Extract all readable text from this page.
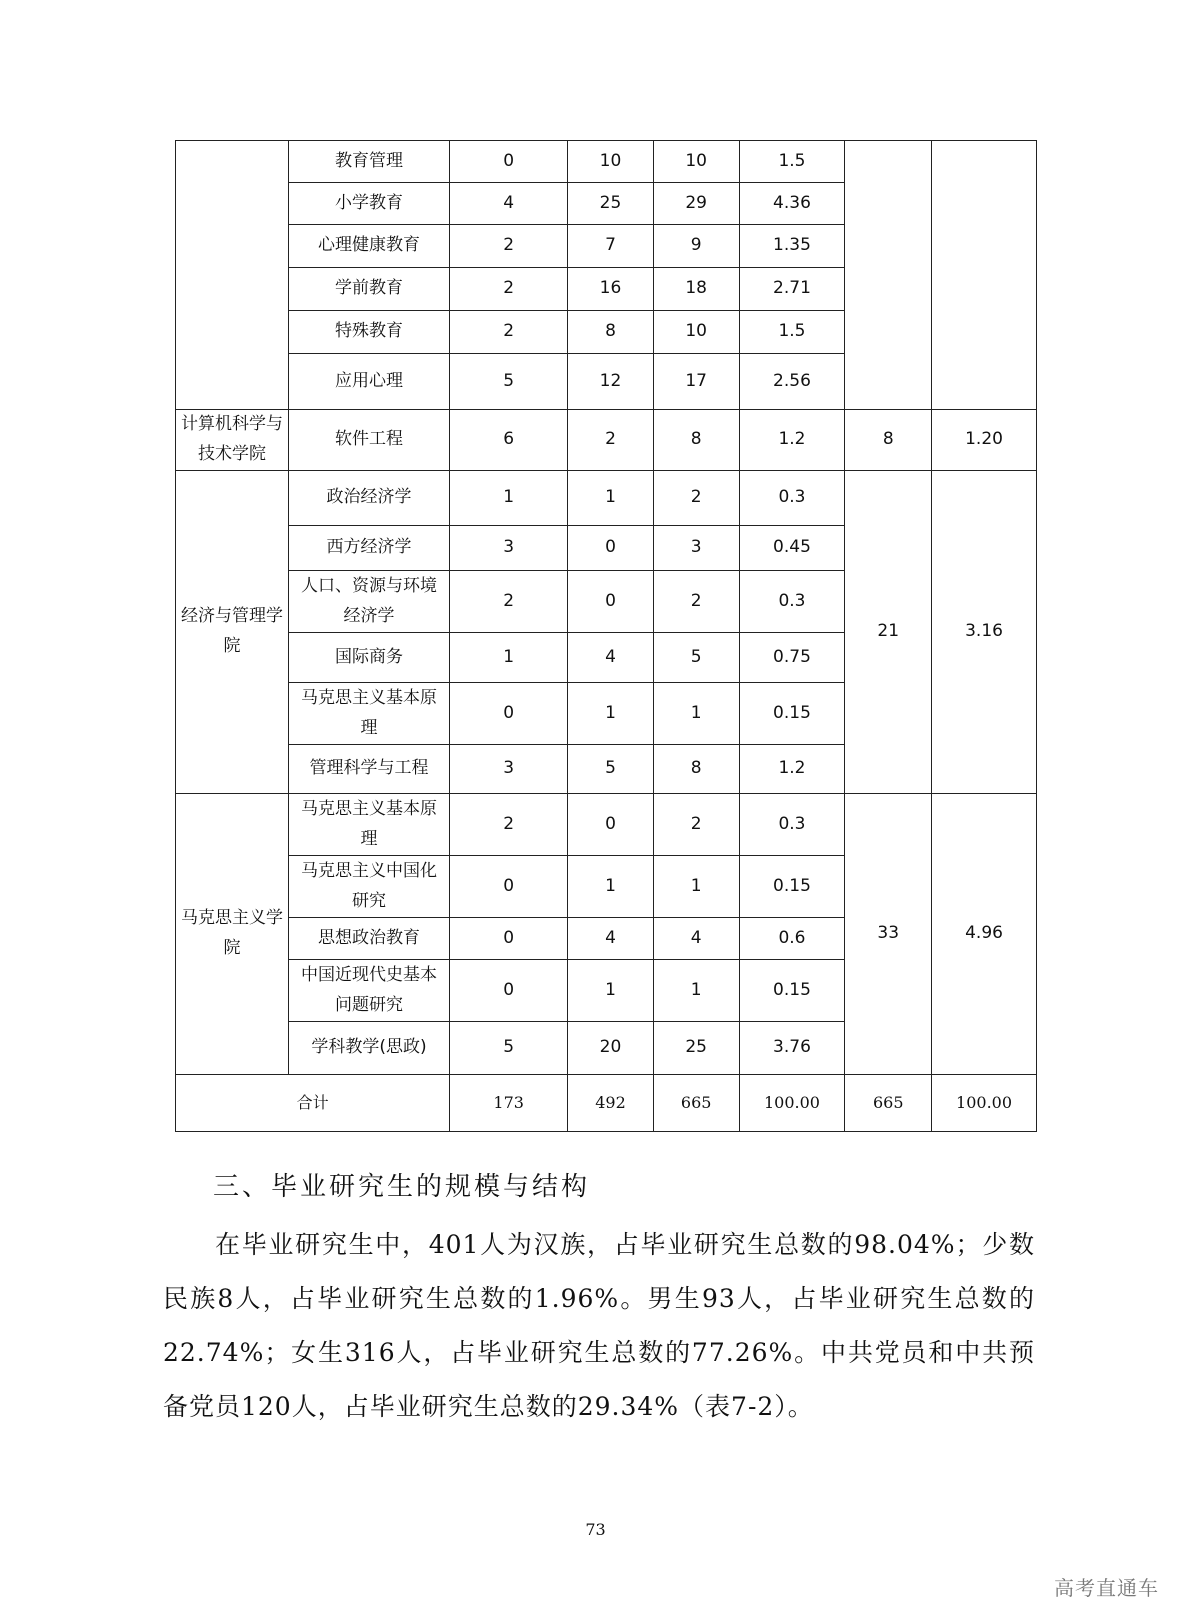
	教育管理	0	10	10	1.5		
	小学教育	4	25	29	4.36		
	心理健康教育	2	7	9	1.35		
	学前教育	2	16	18	2.71		
	特殊教育	2	8	10	1.5		
	应用心理	5	12	17	2.56		
计算机科学与技术学院	软件工程	6	2	8	1.2	8	1.20
经济与管理学院	政治经济学	1	1	2	0.3	21	3.16
	西方经济学	3	0	3	0.45		
	人口、资源与环境经济学	2	0	2	0.3		
	国际商务	1	4	5	0.75		
	马克思主义基本原理	0	1	1	0.15		
	管理科学与工程	3	5	8	1.2		
马克思主义学院	马克思主义基本原理	2	0	2	0.3	33	4.96
	马克思主义中国化研究	0	1	1	0.15		
	思想政治教育	0	4	4	0.6		
	中国近现代史基本问题研究	0	1	1	0.15		
	学科教学(思政)	5	20	25	3.76		
合计		173	492	665	100.00	665	100.00
三、毕业研究生的规模与结构

在毕业研究生中，401人为汉族，占毕业研究生总数的98.04%；少数民族8人，占毕业研究生总数的1.96%。男生93人，占毕业研究生总数的22.74%；女生316人，占毕业研究生总数的77.26%。中共党员和中共预备党员120人，占毕业研究生总数的29.34%（表7-2）。

73
高考直通车
